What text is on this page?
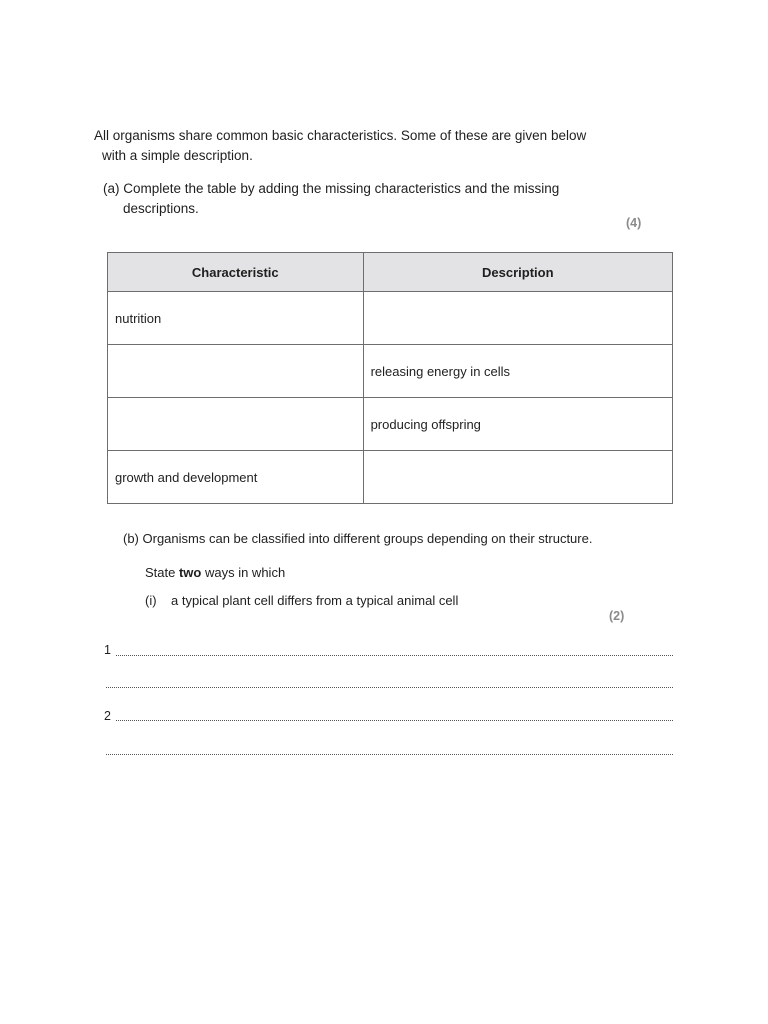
All organisms share common basic characteristics. Some of these are given below
with a simple description.
(a) Complete the table by adding the missing characteristics and the missing
descriptions.
(4)
Characteristic	Description
nutrition	
	releasing energy in cells
	producing offspring
growth and development	
(b) Organisms can be classified into different groups depending on their structure.
State two ways in which
(i) a typical plant cell differs from a typical animal cell
(2)
1
2
